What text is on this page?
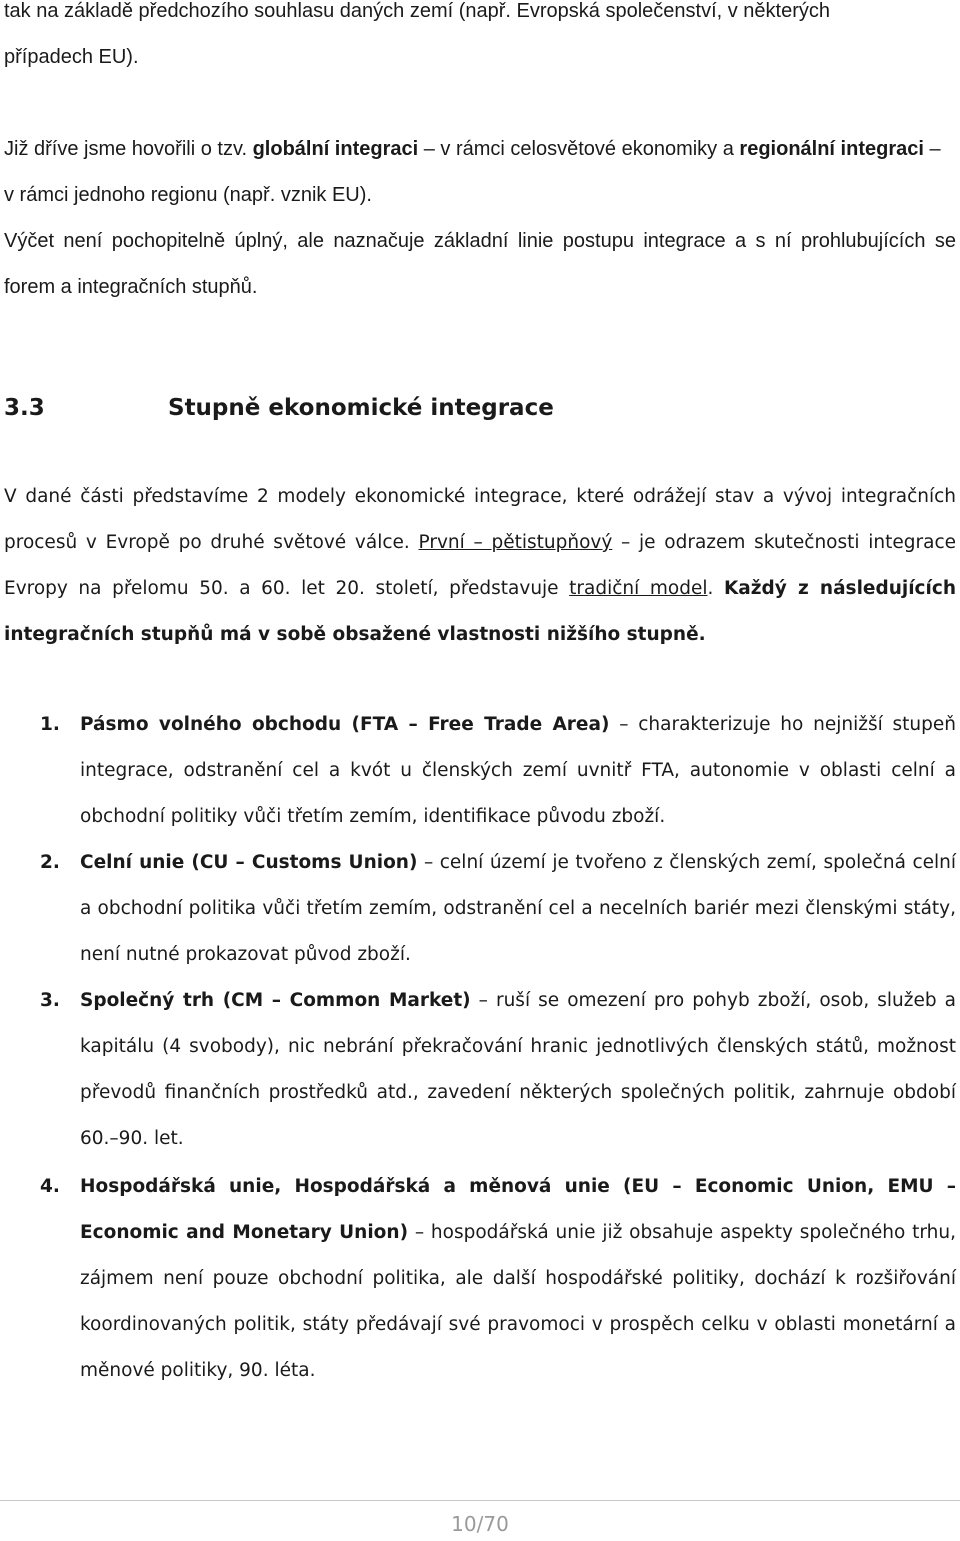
tak na základě předchozího souhlasu daných zemí (např. Evropská společenství, v některých
případech EU).

Již dříve jsme hovořili o tzv. globální integraci – v rámci celosvětové ekonomiky a regionální integraci – v rámci jednoho regionu (např. vznik EU).

Výčet není pochopitelně úplný, ale naznačuje základní linie postupu integrace a s ní prohlubujících se forem a integračních stupňů.

3.3	Stupně ekonomické integrace

V dané části představíme 2 modely ekonomické integrace, které odrážejí stav a vývoj integračních procesů v Evropě po druhé světové válce. První – pětistupňový – je odrazem skutečnosti integrace Evropy na přelomu 50. a 60. let 20. století, představuje tradiční model. Každý z následujících integračních stupňů má v sobě obsažené vlastnosti nižšího stupně.

1. Pásmo volného obchodu (FTA – Free Trade Area) – charakterizuje ho nejnižší stupeň integrace, odstranění cel a kvót u členských zemí uvnitř FTA, autonomie v oblasti celní a obchodní politiky vůči třetím zemím, identifikace původu zboží.

2. Celní unie (CU – Customs Union) – celní území je tvořeno z členských zemí, společná celní a obchodní politika vůči třetím zemím, odstranění cel a necelních bariér mezi členskými státy, není nutné prokazovat původ zboží.

3. Společný trh (CM – Common Market) – ruší se omezení pro pohyb zboží, osob, služeb a kapitálu (4 svobody), nic nebrání překračování hranic jednotlivých členských států, možnost převodů finančních prostředků atd., zavedení některých společných politik, zahrnuje období 60.–90. let.

4. Hospodářská unie, Hospodářská a měnová unie (EU – Economic Union, EMU – Economic and Monetary Union) – hospodářská unie již obsahuje aspekty společného trhu, zájmem není pouze obchodní politika, ale další hospodářské politiky, dochází k rozšiřování koordinovaných politik, státy předávají své pravomoci v prospěch celku v oblasti monetární a měnové politiky, 90. léta.

10/70
